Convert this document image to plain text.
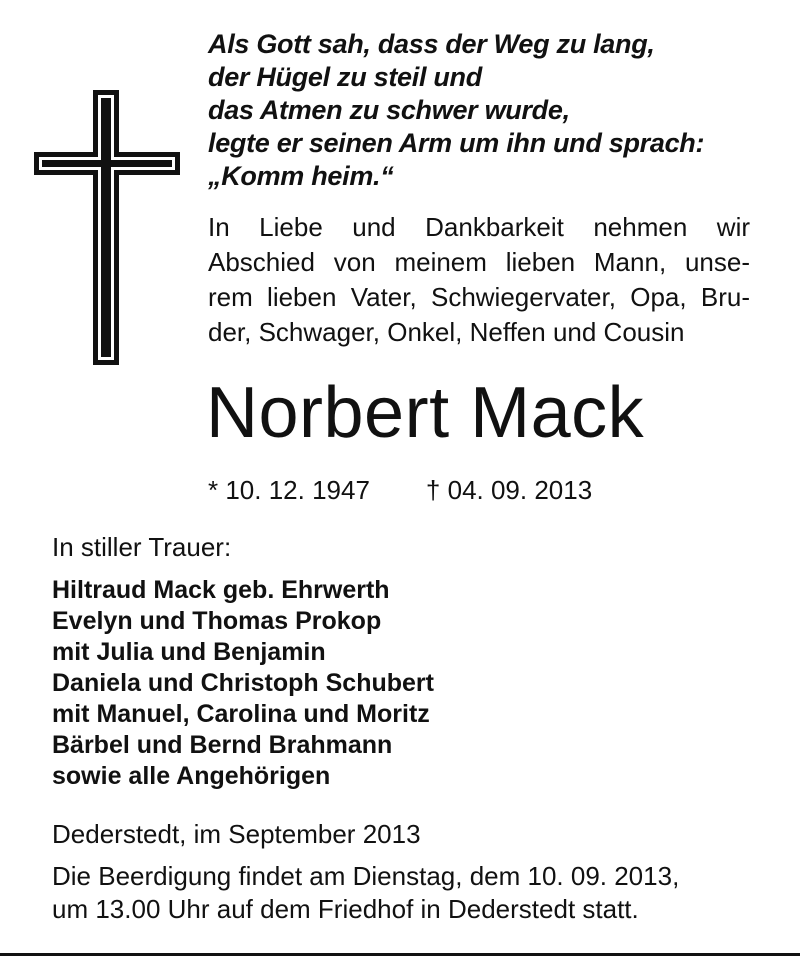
Als Gott sah, dass der Weg zu lang,
der Hügel zu steil und
das Atmen zu schwer wurde,
legte er seinen Arm um ihn und sprach:
„Komm heim.“
In Liebe und Dankbarkeit nehmen wir
Abschied von meinem lieben Mann, unse-
rem lieben Vater, Schwiegervater, Opa, Bru-
der, Schwager, Onkel, Neffen und Cousin
Norbert Mack
* 10. 12. 1947 † 04. 09. 2013
In stiller Trauer:
Hiltraud Mack geb. Ehrwerth
Evelyn und Thomas Prokop
mit Julia und Benjamin
Daniela und Christoph Schubert
mit Manuel, Carolina und Moritz
Bärbel und Bernd Brahmann
sowie alle Angehörigen
Dederstedt, im September 2013
Die Beerdigung findet am Dienstag, dem 10. 09. 2013,
um 13.00 Uhr auf dem Friedhof in Dederstedt statt.
